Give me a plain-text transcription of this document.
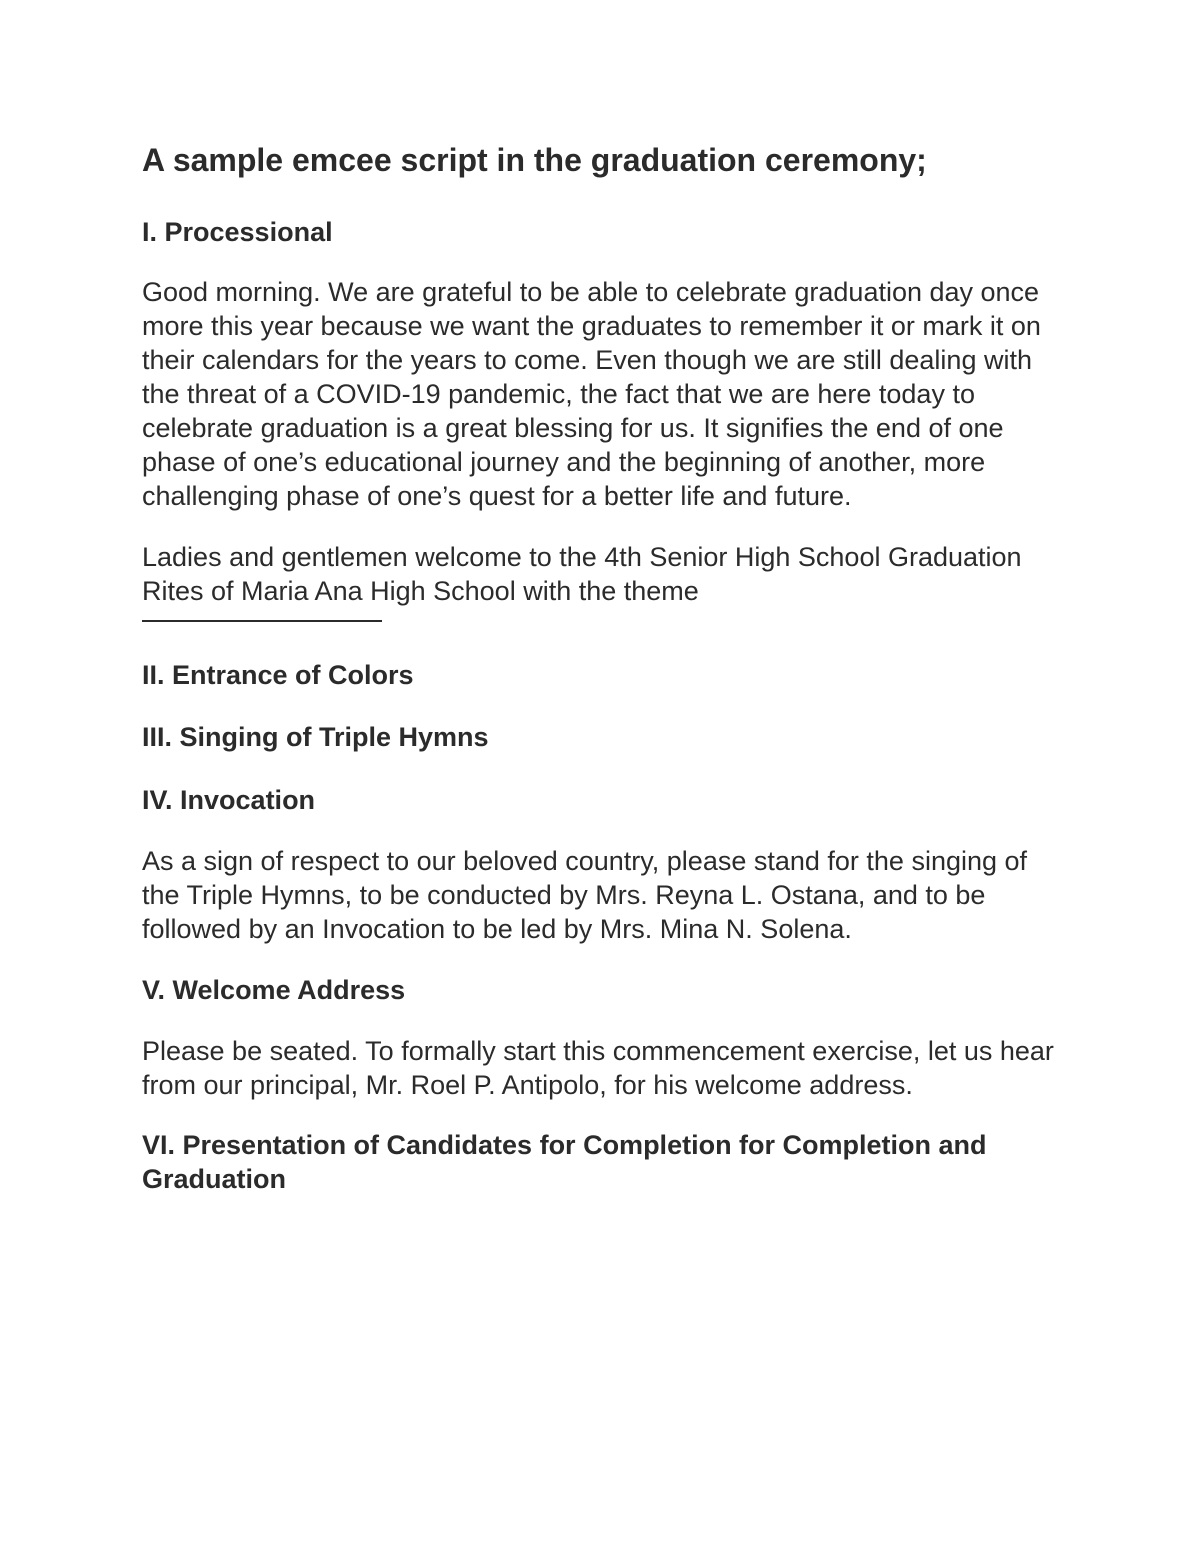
A sample emcee script in the graduation ceremony;
I. Processional

Good morning. We are grateful to be able to celebrate graduation day once more this year because we want the graduates to remember it or mark it on their calendars for the years to come. Even though we are still dealing with the threat of a COVID-19 pandemic, the fact that we are here today to celebrate graduation is a great blessing for us. It signifies the end of one phase of one’s educational journey and the beginning of another, more challenging phase of one’s quest for a better life and future.

Ladies and gentlemen welcome to the 4th Senior High School Graduation Rites of Maria Ana High School with the theme

II. Entrance of Colors
III. Singing of Triple Hymns
IV. Invocation

As a sign of respect to our beloved country, please stand for the singing of the Triple Hymns, to be conducted by Mrs. Reyna L. Ostana, and to be followed by an Invocation to be led by Mrs. Mina N. Solena.

V. Welcome Address

Please be seated. To formally start this commencement exercise, let us hear from our principal, Mr. Roel P. Antipolo, for his welcome address.

VI. Presentation of Candidates for Completion for Completion and Graduation
